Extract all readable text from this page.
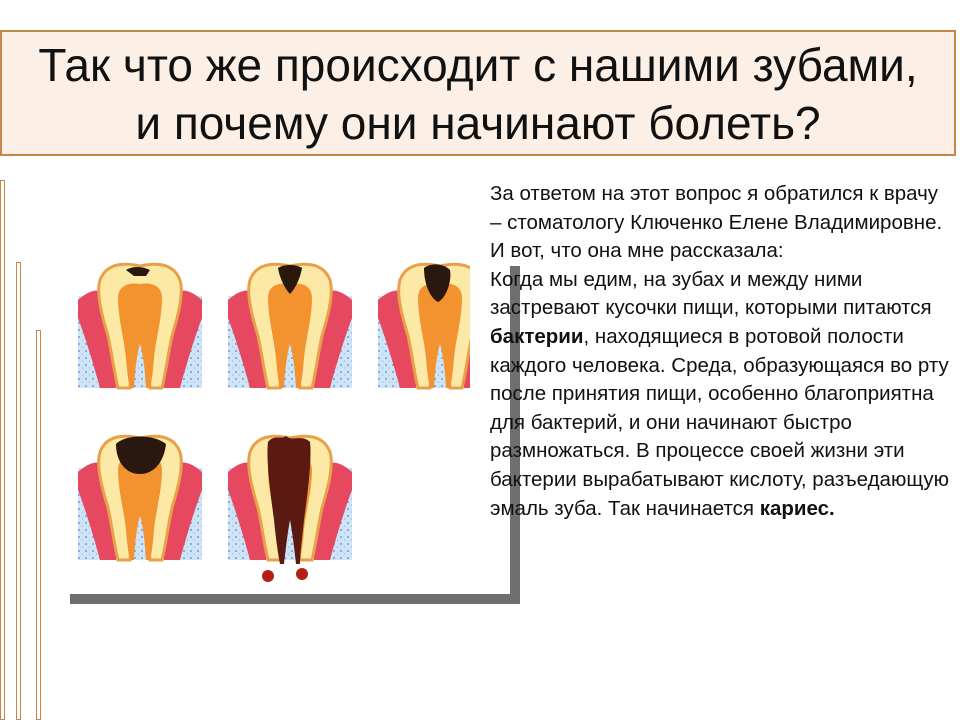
Так что же происходит с нашими зубами,
и почему они начинают болеть?

За ответом на этот вопрос я обратился к врачу – стоматологу Ключенко Елене Владимировне. И вот, что она мне рассказала:

Когда мы едим, на зубах и между ними застревают кусочки пищи, которыми питаются бактерии, находящиеся в ротовой полости каждого человека. Среда, образующаяся во рту после принятия пищи, особенно благоприятна для бактерий, и они начинают быстро размножаться. В процессе своей жизни эти бактерии вырабатывают кислоту, разъедающую эмаль зуба. Так начинается кариес.
